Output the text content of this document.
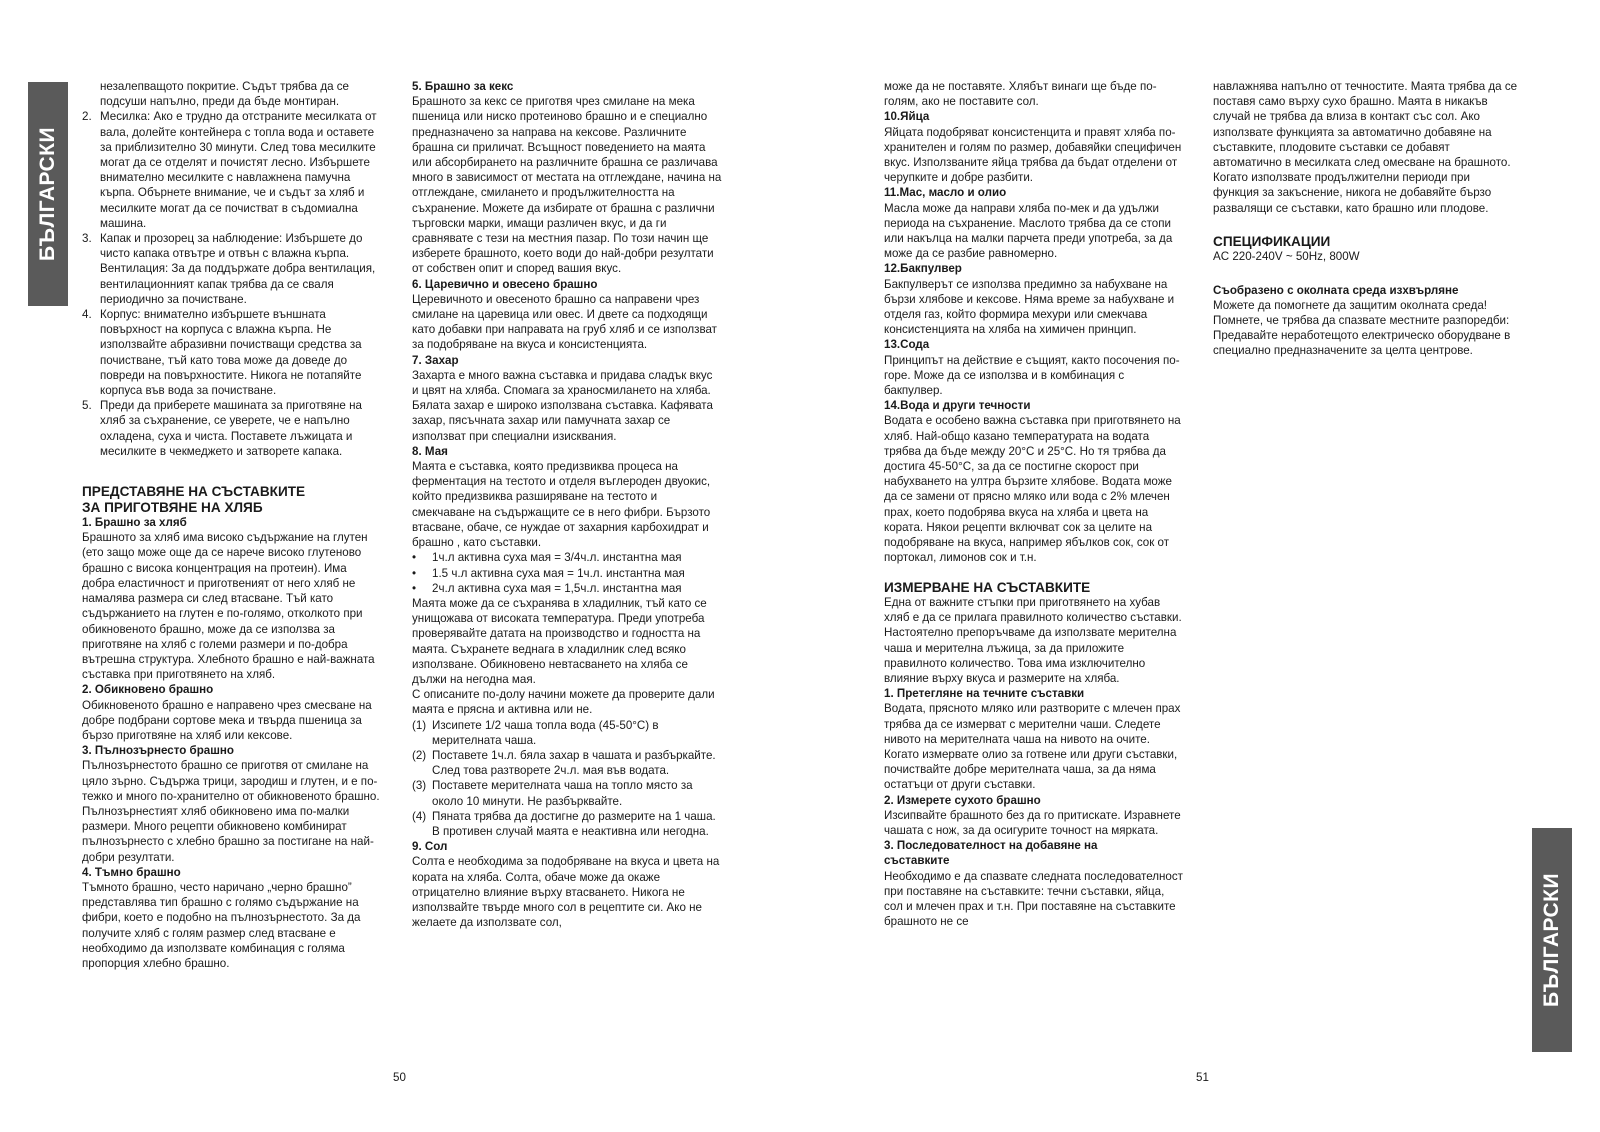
БЪЛГАРСКИ
БЪЛГАРСКИ
незалепващото покритие. Съдът трябва да се подсуши напълно, преди да бъде монтиран.
2. Месилка: Ако е трудно да отстраните месилката от вала, долейте контейнера с топла вода и оставете за приблизително 30 минути. След това месилките могат да се отделят и почистят лесно. Избършете внимателно месилките с навлажнена памучна кърпа. Обърнете внимание, че и съдът за хляб и месилките могат да се почистват в съдомиална машина.
3. Капак и прозорец за наблюдение: Избършете до чисто капака отвътре и отвън с влажна кърпа.

Вентилация: За да поддържате добра вентилация, вентилационният капак трябва да се сваля периодично за почистване.

4. Корпус: внимателно избършете външната повърхност на корпуса с влажна кърпа. Не използвайте абразивни почистващи средства за почистване, тъй като това може да доведе до повреди на повърхностите. Никога не потапяйте корпуса във вода за почистване.
5. Преди да приберете машината за приготвяне на хляб за съхранение, се уверете, че е напълно охладена, суха и чиста. Поставете лъжицата и месилките в чекмеджето и затворете капака.

ПРЕДСТАВЯНЕ НА СЪСТАВКИТЕ

ЗА ПРИГОТВЯНЕ НА ХЛЯБ

1. Брашно за хляб

Брашното за хляб има високо съдържание на глутен (ето защо може още да се нарече високо глутеново брашно с висока концентрация на протеин). Има добра еластичност и приготвеният от него хляб не намалява размера си след втасване. Тъй като съдържанието на глутен е по-голямо, отколкото при обикновеното брашно, може да се използва за приготвяне на хляб с големи размери и по-добра вътрешна структура. Хлебното брашно е най-важната съставка при приготвянето на хляб.

2. Обикновено брашно

Обикновеното брашно е направено чрез смесване на добре подбрани сортове мека и твърда пшеница за бързо приготвяне на хляб или кексове.

3. Пълнозърнесто брашно

Пълнозърнестото брашно се приготвя от смилане на цяло зърно. Съдържа трици, зародиш и глутен, и е по-тежко и много по-хранително от обикновеното брашно. Пълнозърнестият хляб обикновено има по-малки размери. Много рецепти обикновено комбинират пълнозърнесто с хлебно брашно за постигане на най-добри резултати.

4. Тъмно брашно

Тъмното брашно, често наричано „черно брашно” представлява тип брашно с голямо съдържание на фибри, което е подобно на пълнозърнестото. За да получите хляб с голям размер след втасване е необходимо да използвате комбинация с голяма пропорция хлебно брашно.

5. Брашно за кекс

Брашното за кекс се приготвя чрез смилане на мека пшеница или ниско протеиново брашно и е специално предназначено за направа на кексове. Различните брашна си приличат. Всъщност поведението на маята или абсорбирането на различните брашна се различава много в зависимост от местата на отглеждане, начина на отглеждане, смилането и продължителността на съхранение. Можете да избирате от брашна с различни търговски марки, имащи различен вкус, и да ги сравнявате с тези на местния пазар. По този начин ще изберете брашното, което води до най-добри резултати от собствен опит и според вашия вкус.

6. Царевично и овесено брашно

Церевичното и овесеното брашно са направени чрез смилане на царевица или овес. И двете са подходящи като добавки при направата на груб хляб и се използват за подобряване на вкуса и консистенцията.

7. Захар

Захарта е много важна съставка и придава сладък вкус и цвят на хляба. Спомага за храносмилането на хляба. Бялата захар е широко използвана съставка. Кафявата захар, пясъчната захар или памучната захар се използват при специални изисквания.

8. Мая

Маята е съставка, която предизвиква процеса на ферментация на тестото и отделя въглероден двуокис, който предизвиква разширяване на тестото и смекчаване на съдържащите се в него фибри. Бързото втасване, обаче, се нуждае от захарния карбохидрат и брашно , като съставки.

•	1ч.л активна суха мая = 3/4ч.л. инстантна мая
•	1.5 ч.л активна суха мая = 1ч.л. инстантна мая
•	2ч.л активна суха мая = 1,5ч.л. инстантна мая

Маята може да се съхранява в хладилник, тъй като се унищожава от високата температура. Преди употреба проверявайте датата на производство и годността на маята. Съхранете веднага в хладилник след всяко използване. Обикновено невтасването на хляба се дължи на негодна мая.

С описаните по-долу начини можете да проверите дали маята е прясна и активна или не.

(1) Изсипете 1/2 чаша топла вода (45-50°C) в мерителната чаша.
(2) Поставете 1ч.л. бяла захар в чашата и разбъркайте. След това разтворете 2ч.л. мая във водата.
(3) Поставете мерителната чаша на топло място за около 10 минути. Не разбърквайте.
(4) Пяната трябва да достигне до размерите на 1 чаша. В противен случай маята е неактивна или негодна.

9. Сол

Солта е необходима за подобряване на вкуса и цвета на кората на хляба. Солта, обаче може да окаже отрицателно влияние върху втасването. Никога не използвайте твърде много сол в рецептите си. Ако не желаете да използвате сол,

може да не поставяте. Хлябът винаги ще бъде по-голям, ако не поставите сол.

10.Яйца

Яйцата подобряват консистенцита и правят хляба по-хранителен и голям по размер, добавяйки специфичен вкус. Използваните яйца трябва да бъдат отделени от черупките и добре разбити.

11.Мас, масло и олио

Масла може да направи хляба по-мек и да удължи периода на съхранение. Маслото трябва да се стопи или накълца на малки парчета преди употреба, за да може да се разбие равномерно.

12.Бакпулвер

Бакпулверът се използва предимно за набухване на бързи хлябове и кексове. Няма време за набухване и отделя газ, който формира мехури или смекчава консистенцията на хляба на химичен принцип.

13.Сода

Принципът на действие е същият, както посочения по-горе. Може да се използва и в комбинация с бакпулвер.

14.Вода и други течности

Водата е особено важна съставка при приготвянето на хляб. Най-общо казано температурата на водата трябва да бъде между 20°C и 25°C. Но тя трябва да достига 45-50°C, за да се постигне скорост при набухването на ултра бързите хлябове. Водата може да се замени от прясно мляко или вода с 2% млечен прах, което подобрява вкуса на хляба и цвета на кората. Някои рецепти включват сок за целите на подобряване на вкуса, например ябълков сок, сок от портокал, лимонов сок и т.н.

ИЗМЕРВАНЕ НА СЪСТАВКИТЕ

Една от важните стъпки при приготвянето на хубав хляб е да се прилага правилното количество съставки.

Настоятелно препоръчваме да използвате мерителна чаша и мерителна лъжица, за да приложите правилното количество. Това има изключително влияние върху вкуса и размерите на хляба.

1. Претегляне на течните съставки

Водата, прясното мляко или разтворите с млечен прах трябва да се измерват с мерителни чаши. Следете нивото на мерителната чаша на нивото на очите.

Когато измервате олио за готвене или други съставки, почиствайте добре мерителната чаша, за да няма остатъци от други съставки.

2. Измерете сухото брашно

Изсипвайте брашното без да го притискате. Изравнете чашата с нож, за да осигурите точност на мярката.

3. Последователност на добавяне на съставките

Необходимо е да спазвате следната последователност при поставяне на съставките: течни съставки, яйца, сол и млечен прах и т.н. При поставяне на съставките брашното не се

навлажнява напълно от течностите. Маята трябва да се поставя само върху сухо брашно. Маята в никакъв случай не трябва да влиза в контакт със сол. Ако използвате функцията за автоматично добавяне на съставките, плодовите съставки се добавят автоматично в месилката след омесване на брашното. Когато използвате продължителни периоди при функция за закъснение, никога не добавяйте бързо развалящи се съставки, като брашно или плодове.

СПЕЦИФИКАЦИИ

AC 220-240V ~ 50Hz, 800W

Съобразено с околната среда изхвърляне

Можете да помогнете да защитим околната среда! Помнете, че трябва да спазвате местните разпоредби: Предавайте неработещото електрическо оборудване в специално предназначените за целта центрове.

50	51
